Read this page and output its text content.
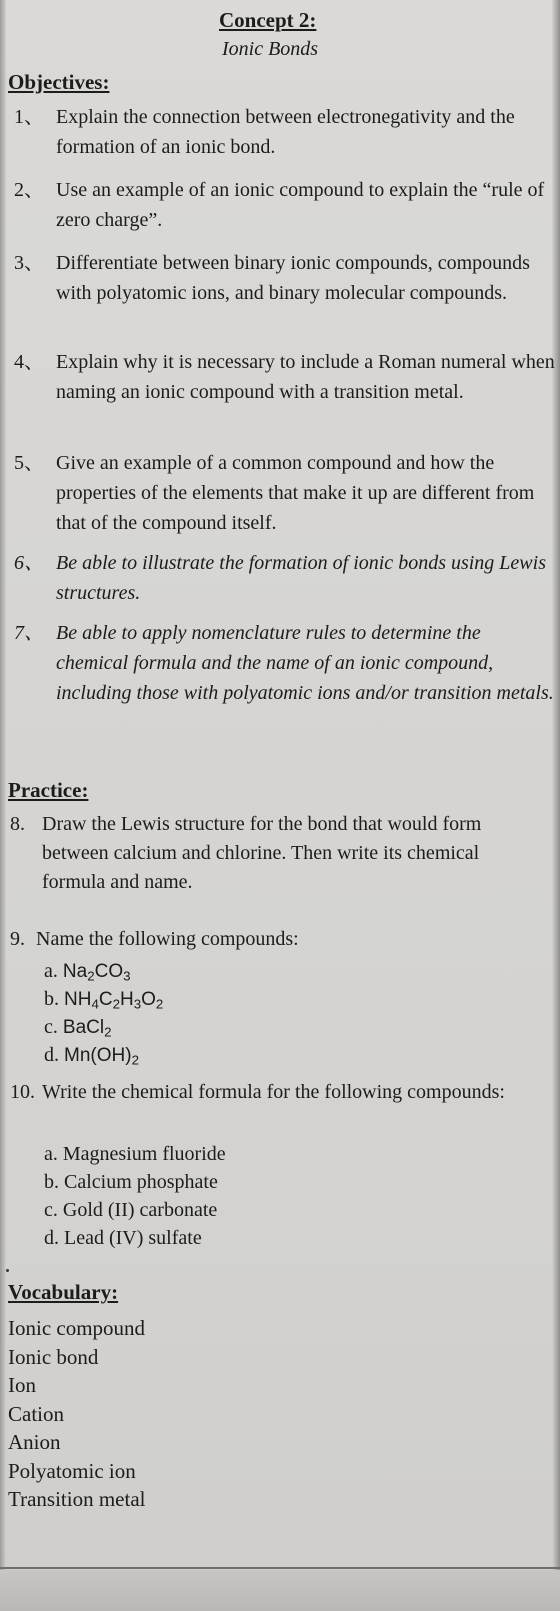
Concept 2:
Ionic Bonds
Objectives:
1、 Explain the connection between electronegativity and the formation of an ionic bond.
2、 Use an example of an ionic compound to explain the “rule of zero charge”.
3、 Differentiate between binary ionic compounds, compounds with polyatomic ions, and binary molecular compounds.
4、 Explain why it is necessary to include a Roman numeral when naming an ionic compound with a transition metal.
5、 Give an example of a common compound and how the properties of the elements that make it up are different from that of the compound itself.
6、 Be able to illustrate the formation of ionic bonds using Lewis structures.
7、 Be able to apply nomenclature rules to determine the chemical formula and the name of an ionic compound, including those with polyatomic ions and/or transition metals.
Practice:
8. Draw the Lewis structure for the bond that would form between calcium and chlorine. Then write its chemical formula and name.
9. Name the following compounds:
a. $Na_2CO_3$
b. $NH_4C_2H_3O_2$
c. BaCl$_2$
d. $Mn(OH)_2$
10. Write the chemical formula for the following compounds:
a. Magnesium fluoride
b. Calcium phosphate
c. Gold (II) carbonate
d. Lead (IV) sulfate
Vocabulary:
Ionic compound
Ionic bond
Ion
Cation
Anion
Polyatomic ion
Transition metal
